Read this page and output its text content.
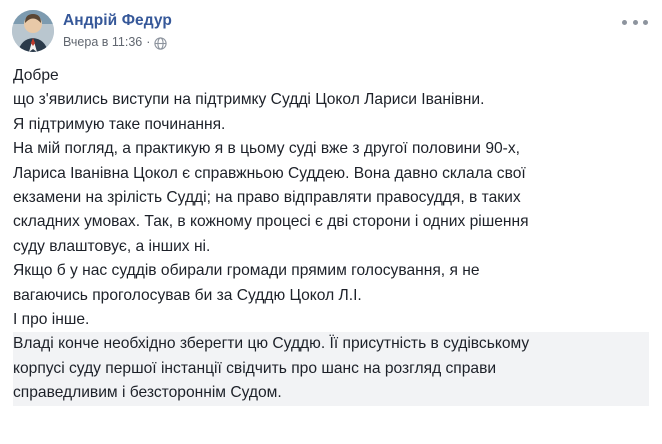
Андрій Федур
Вчера в 11:36 ·

Добре

що з'явились виступи на підтримку Судді Цокол Лариси Іванівни.

Я підтримую таке починання.

На мій погляд, а практикую я в цьому суді вже з другої половини 90-х,

Лариса Іванівна Цокол є справжньою Суддею. Вона давно склала свої

екзамени на зрілість Судді; на право відправляти правосуддя, в таких

складних умовах. Так, в кожному процесі є дві сторони і одних рішення

суду влаштовує, а інших ні.

Якщо б у нас суддів обирали громади прямим голосування, я не

вагаючись проголосував би за Суддю Цокол Л.І.

І про інше.

Владі конче необхідно зберегти цю Суддю. Її присутність в судівському

корпусі суду першої інстанції свідчить про шанс на розгляд справи

справедливим і безстороннім Судом.
